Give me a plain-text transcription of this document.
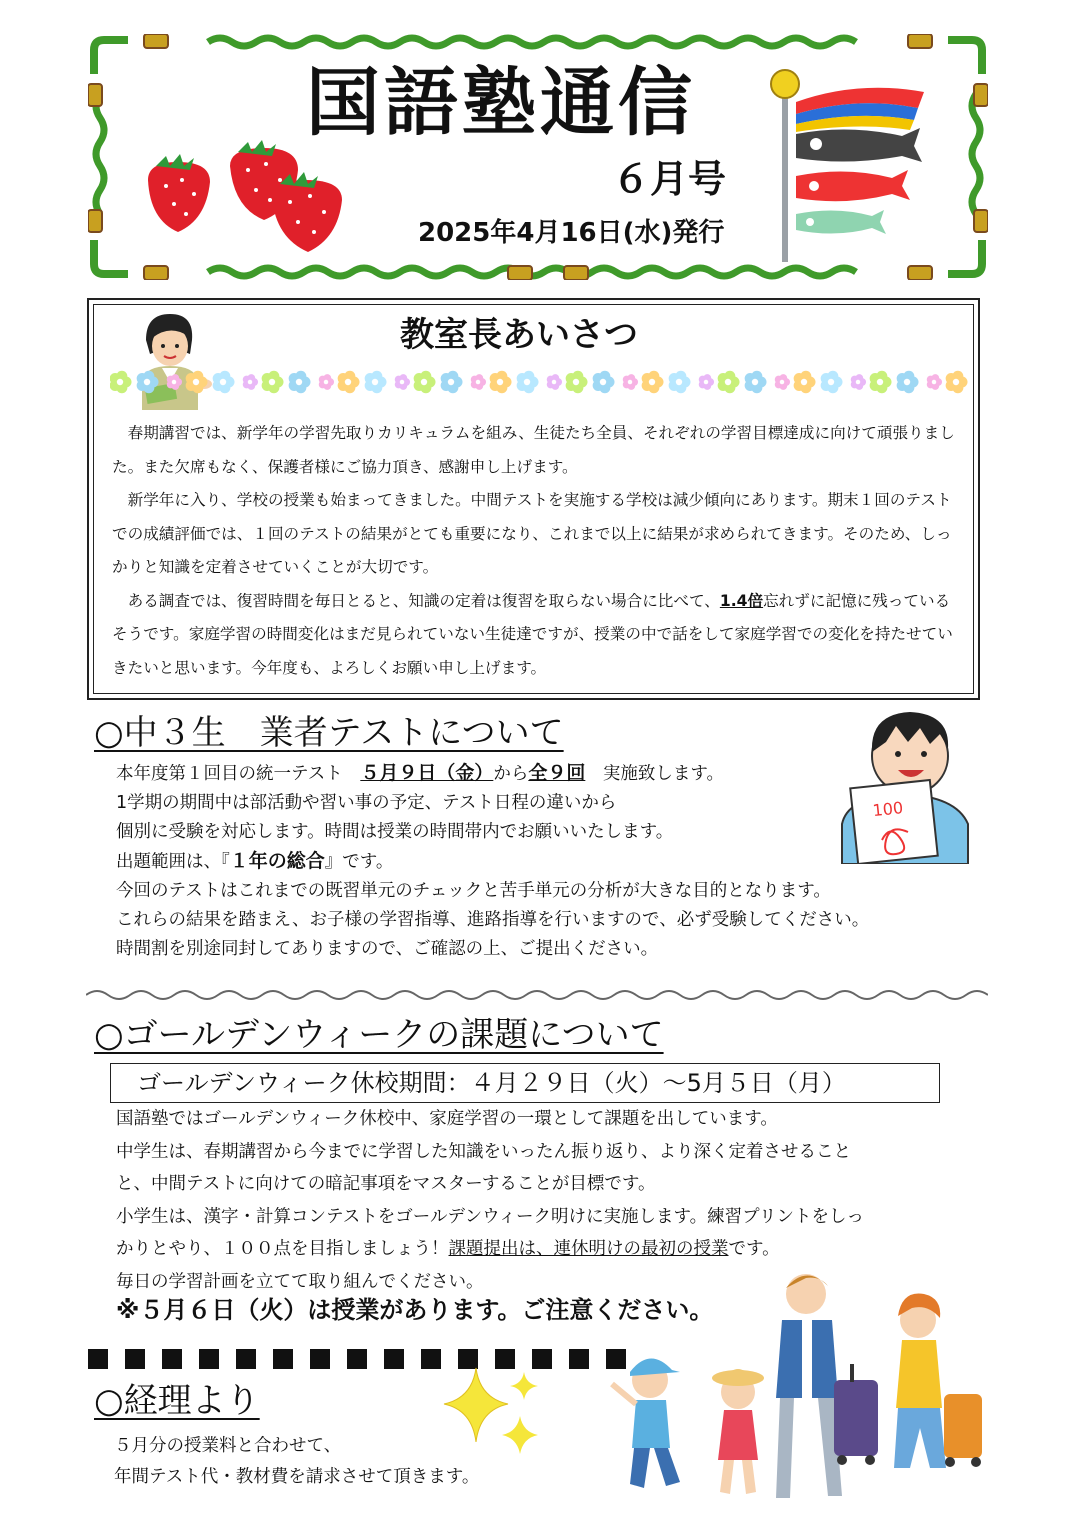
国語塾通信
６月号
2025年4月16日(水)発行
教室長あいさつ

　春期講習では、新学年の学習先取りカリキュラムを組み、生徒たち全員、それぞれの学習目標達成に向けて頑張りました。また欠席もなく、保護者様にご協力頂き、感謝申し上げます。

　新学年に入り、学校の授業も始まってきました。中間テストを実施する学校は減少傾向にあります。期末１回のテストでの成績評価では、１回のテストの結果がとても重要になり、これまで以上に結果が求められてきます。そのため、しっかりと知識を定着させていくことが大切です。

　ある調査では、復習時間を毎日とると、知識の定着は復習を取らない場合に比べて、1.4倍忘れずに記憶に残っているそうです。家庭学習の時間変化はまだ見られていない生徒達ですが、授業の中で話をして家庭学習での変化を持たせていきたいと思います。今年度も、よろしくお願い申し上げます。

○中３生　業者テストについて

本年度第１回目の統一テスト　５月９日（金）から全９回　実施致します。

1学期の期間中は部活動や習い事の予定、テスト日程の違いから

個別に受験を対応します。時間は授業の時間帯内でお願いいたします。

出題範囲は、『１年の総合』です。

今回のテストはこれまでの既習単元のチェックと苦手単元の分析が大きな目的となります。

これらの結果を踏まえ、お子様の学習指導、進路指導を行いますので、必ず受験してください。

時間割を別途同封してありますので、ご確認の上、ご提出ください。

100
○ゴールデンウィークの課題について
ゴールデンウィーク休校期間：４月２９日（火）～5月５日（月）

国語塾ではゴールデンウィーク休校中、家庭学習の一環として課題を出しています。

中学生は、春期講習から今までに学習した知識をいったん振り返り、より深く定着させること

と、中間テストに向けての暗記事項をマスターすることが目標です。

小学生は、漢字・計算コンテストをゴールデンウィーク明けに実施します。練習プリントをしっ

かりとやり、１００点を目指しましょう！課題提出は、連休明けの最初の授業です。

毎日の学習計画を立てて取り組んでください。

※５月６日（火）は授業があります。ご注意ください。
○経理より

５月分の授業料と合わせて、

年間テスト代・教材費を請求させて頂きます。
